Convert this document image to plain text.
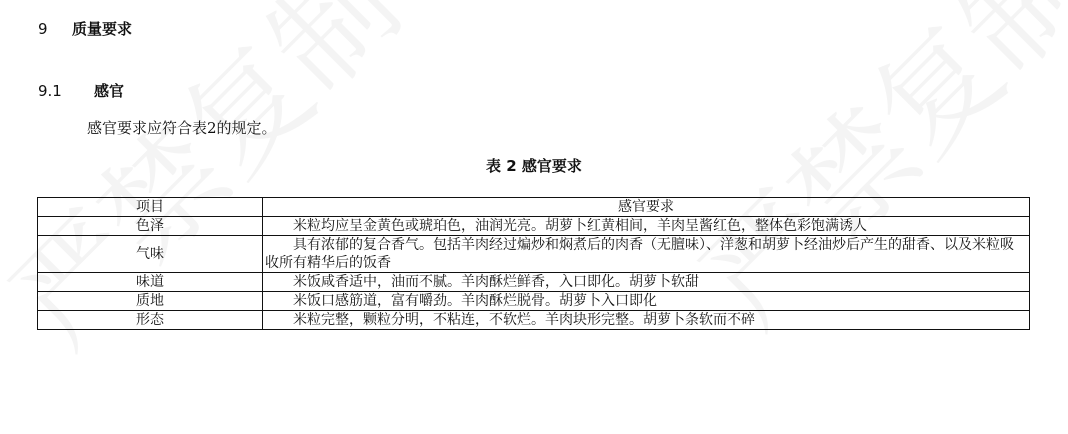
9 质量要求
9.1 感官
感官要求应符合表2的规定。
表 2 感官要求
项目	感官要求
色泽	米粒均应呈金黄色或琥珀色，油润光亮。胡萝卜红黄相间，羊肉呈酱红色，整体色彩饱满诱人
气味	具有浓郁的复合香气。包括羊肉经过煸炒和焖煮后的肉香（无膻味）、洋葱和胡萝卜经油炒后产生的甜香、以及米粒吸收所有精华后的饭香
味道	米饭咸香适中，油而不腻。羊肉酥烂鲜香，入口即化。胡萝卜软甜
质地	米饭口感筋道，富有嚼劲。羊肉酥烂脱骨。胡萝卜入口即化
形态	米粒完整，颗粒分明，不粘连，不软烂。羊肉块形完整。胡萝卜条软而不碎
